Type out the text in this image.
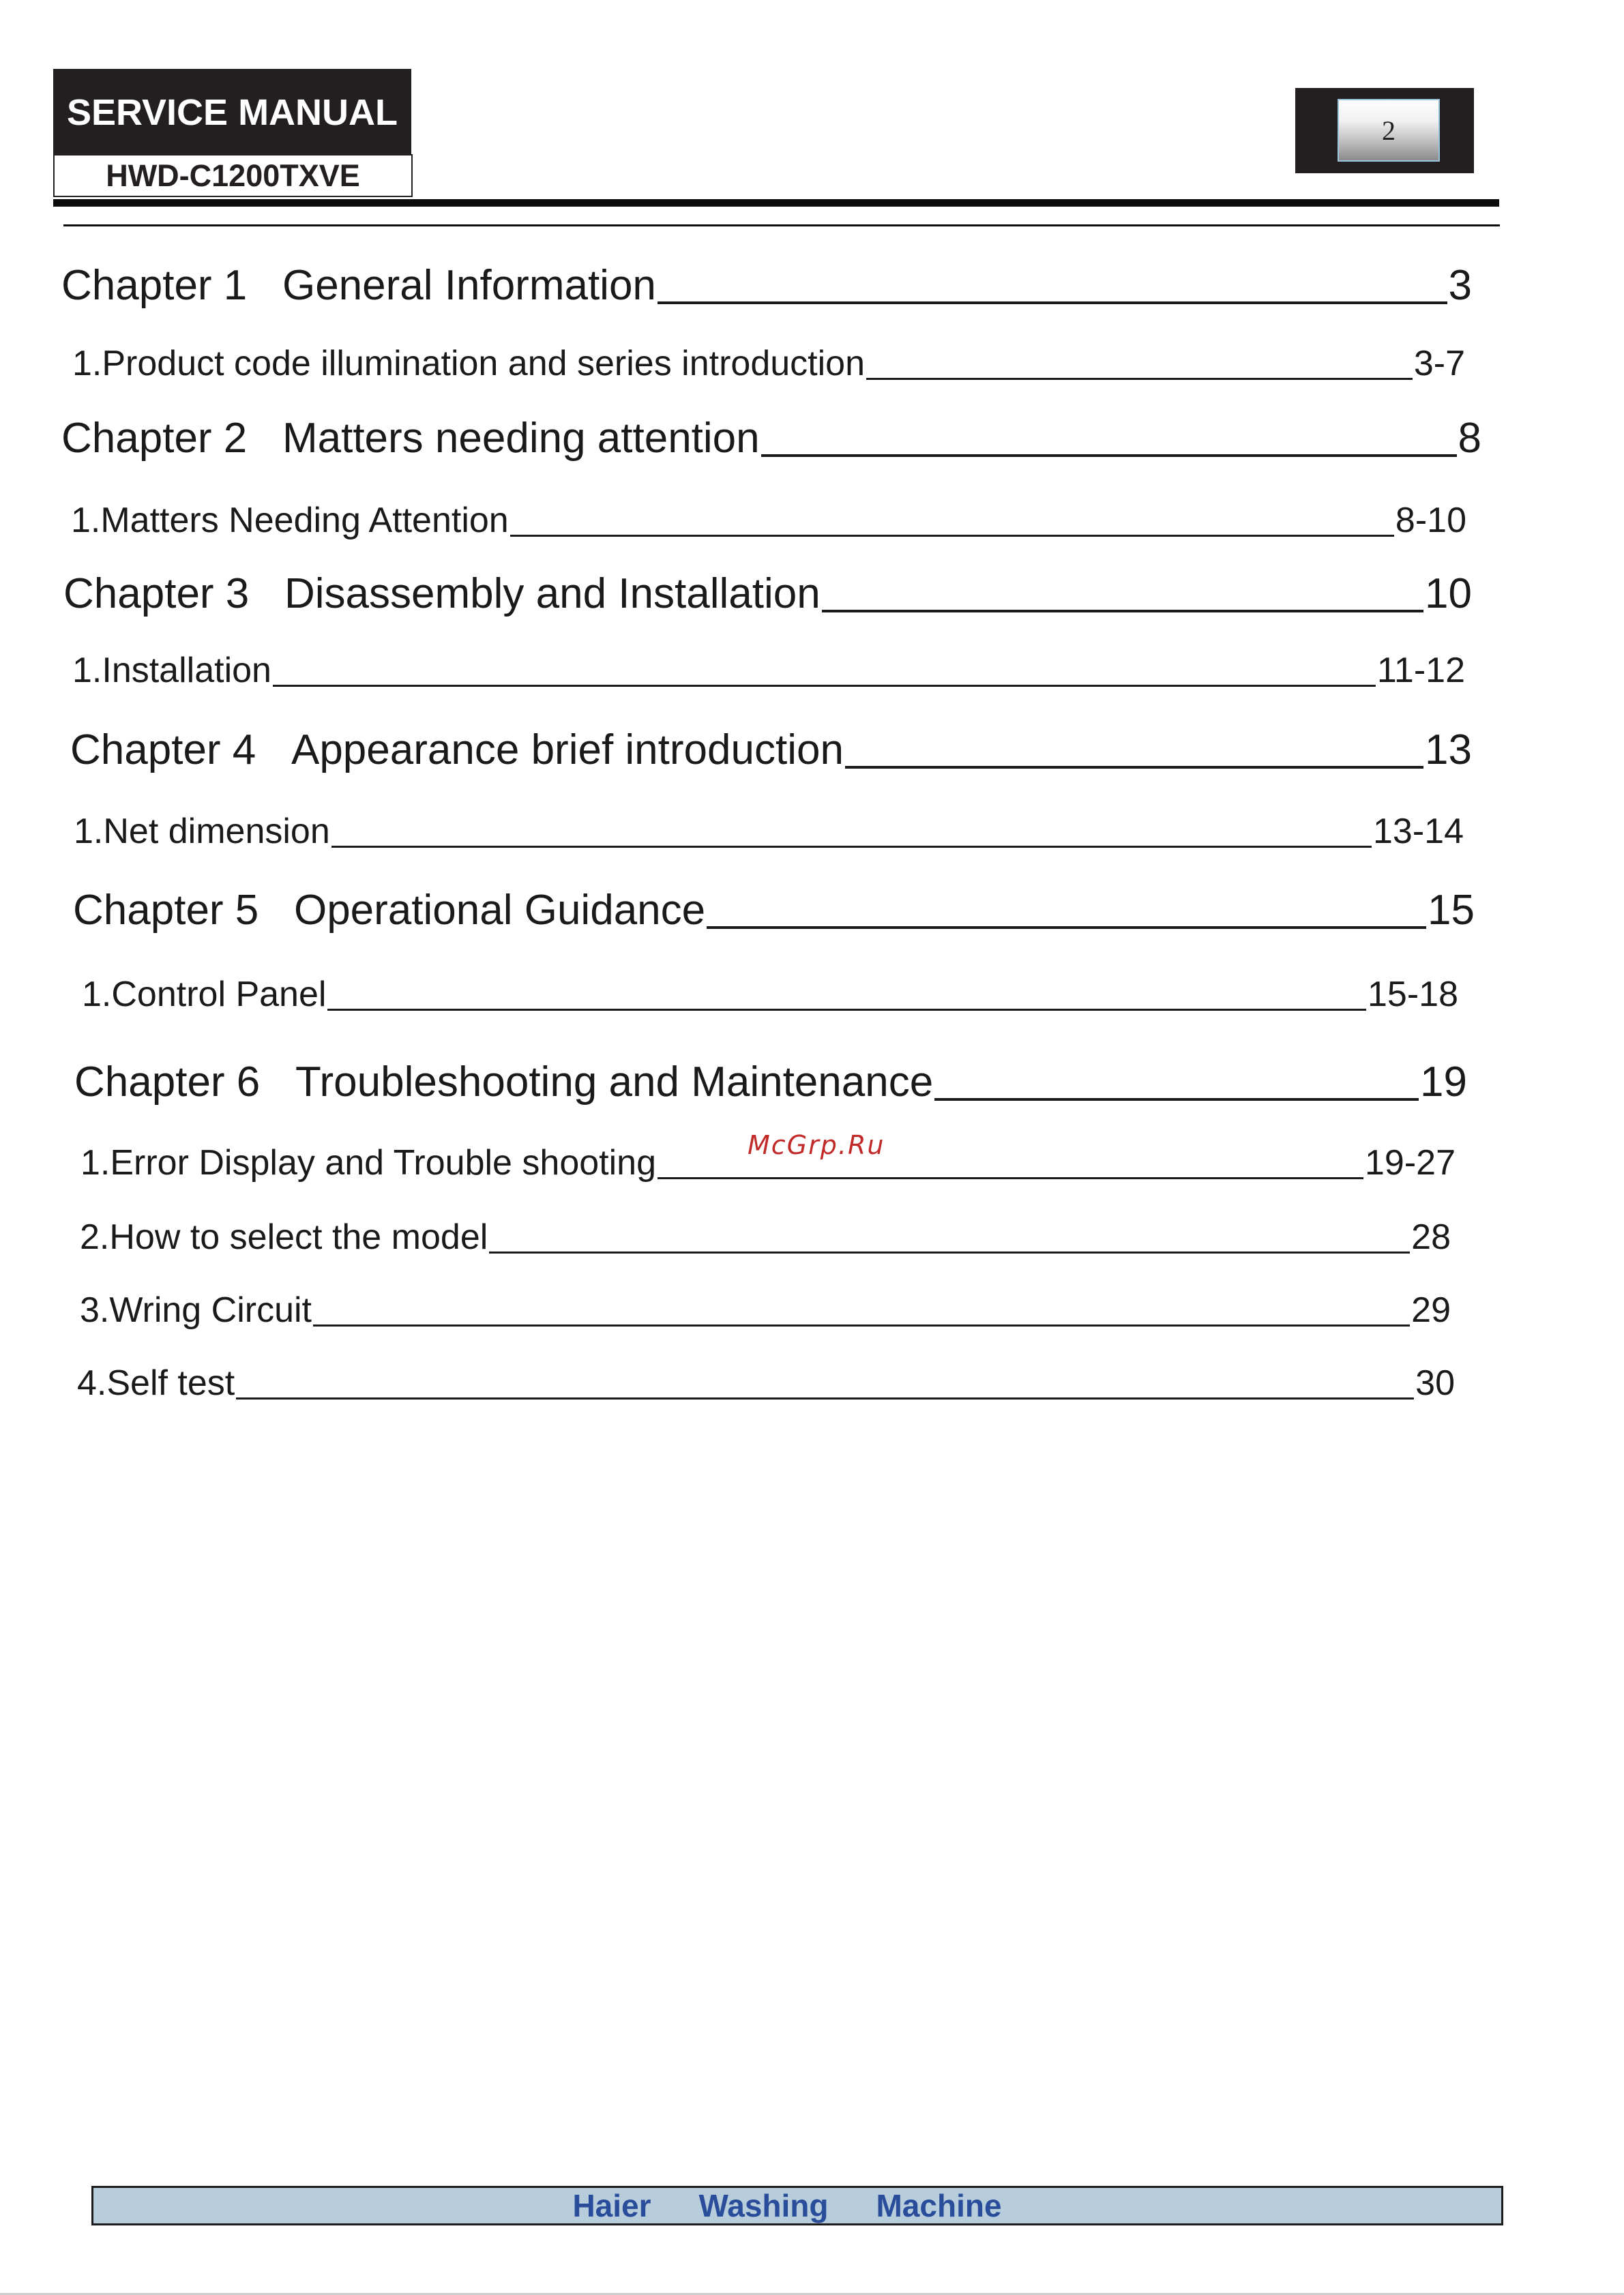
SERVICE MANUAL
HWD-C1200TXVE
2
Chapter 1 General Information	3
1.Product code illumination and series introduction	3-7
Chapter 2 Matters needing attention	8
1.Matters Needing Attention	8-10
Chapter 3 Disassembly and Installation	10
1.Installation	11-12
Chapter 4 Appearance brief introduction	13
1.Net dimension	13-14
Chapter 5 Operational Guidance	15
1.Control Panel	15-18
Chapter 6 Troubleshooting and Maintenance	19
1.Error Display and Trouble shooting	19-27
2.How to select the model	28
3.Wring Circuit	29
4.Self test	30
McGrp.Ru
Haier Washing Machine
